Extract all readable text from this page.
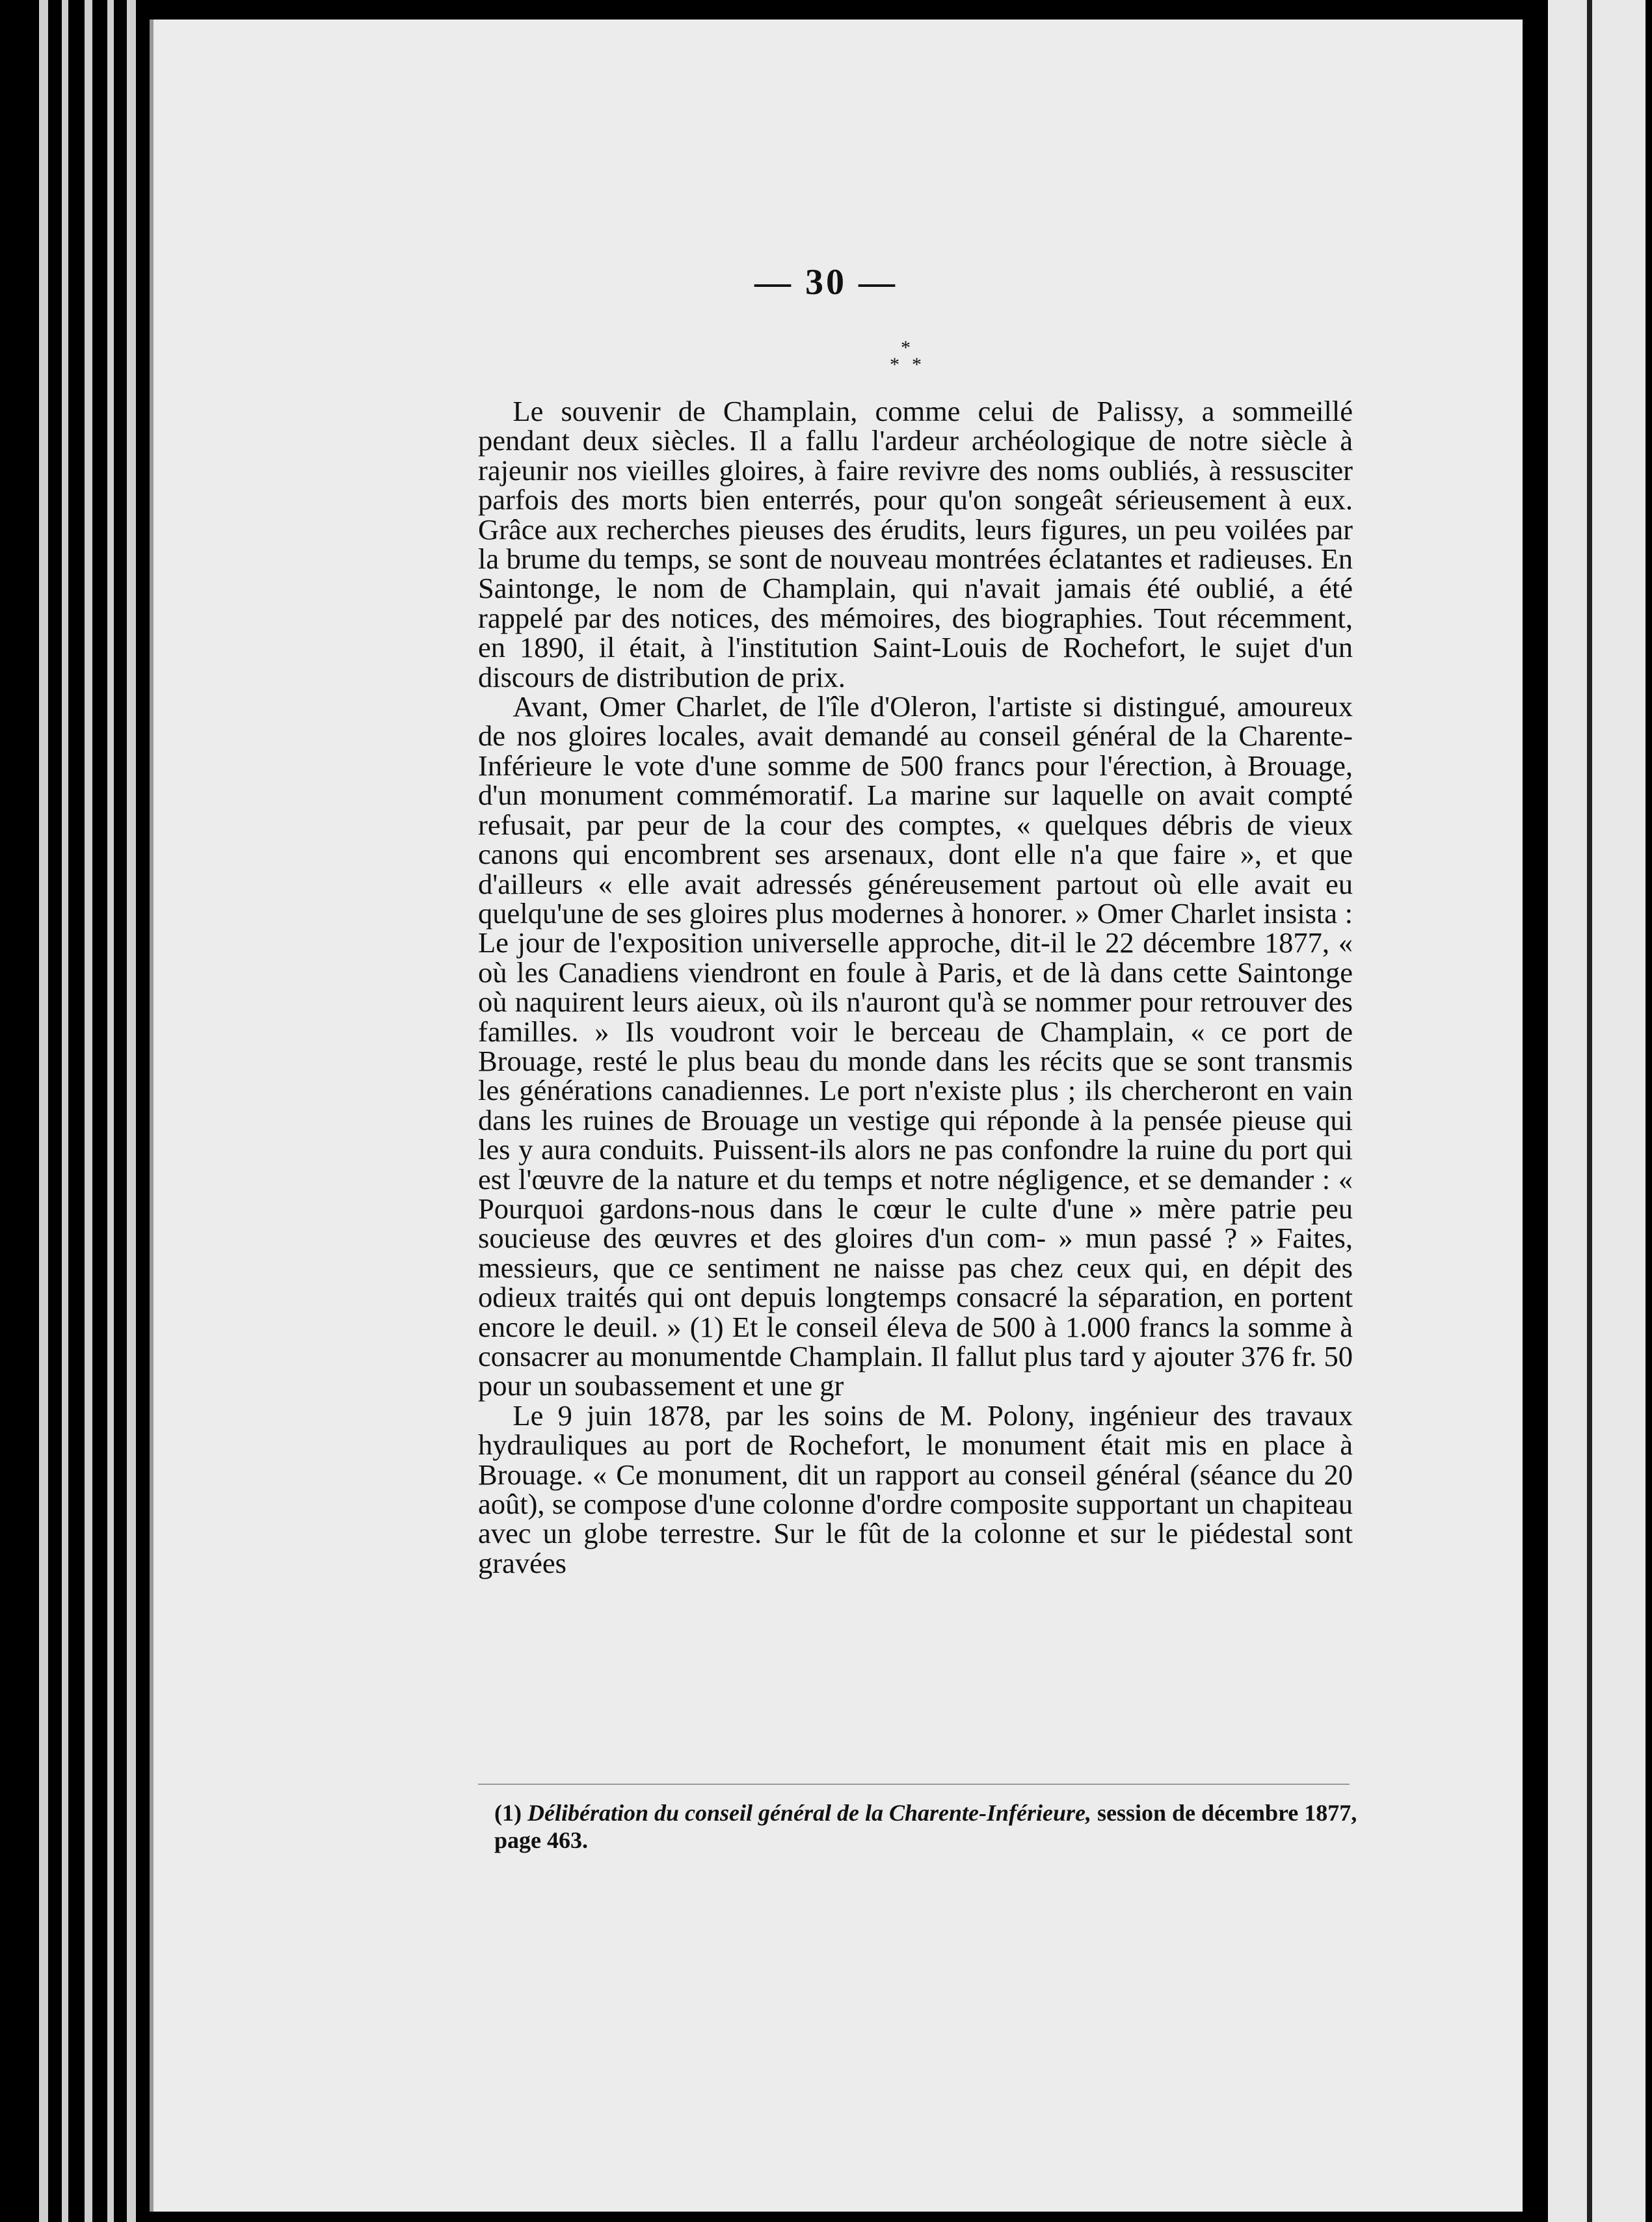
— 30 —
*
* *

Le souvenir de Champlain, comme celui de Palissy, a sommeillé pendant deux siècles. Il a fallu l'ardeur archéologique de notre siècle à rajeunir nos vieilles gloires, à faire revivre des noms oubliés, à ressusciter parfois des morts bien enterrés, pour qu'on songeât sérieusement à eux. Grâce aux recherches pieuses des érudits, leurs figures, un peu voilées par la brume du temps, se sont de nouveau montrées éclatantes et radieuses. En Saintonge, le nom de Champlain, qui n'avait jamais été oublié, a été rappelé par des notices, des mémoires, des biographies. Tout récemment, en 1890, il était, à l'institution Saint-Louis de Rochefort, le sujet d'un discours de distribution de prix.

Avant, Omer Charlet, de l'île d'Oleron, l'artiste si distingué, amoureux de nos gloires locales, avait demandé au conseil général de la Charente-Inférieure le vote d'une somme de 500 francs pour l'érection, à Brouage, d'un monument commémoratif. La marine sur laquelle on avait compté refusait, par peur de la cour des comptes, « quelques débris de vieux canons qui encombrent ses arsenaux, dont elle n'a que faire », et que d'ailleurs « elle avait adressés généreusement partout où elle avait eu quelqu'une de ses gloires plus modernes à honorer. » Omer Charlet insista : Le jour de l'exposition universelle approche, dit-il le 22 décembre 1877, « où les Canadiens viendront en foule à Paris, et de là dans cette Saintonge où naquirent leurs aieux, où ils n'auront qu'à se nommer pour retrouver des familles. » Ils voudront voir le berceau de Champlain, « ce port de Brouage, resté le plus beau du monde dans les récits que se sont transmis les générations canadiennes. Le port n'existe plus ; ils chercheront en vain dans les ruines de Brouage un vestige qui réponde à la pensée pieuse qui les y aura conduits. Puissent-ils alors ne pas confondre la ruine du port qui est l'œuvre de la nature et du temps et notre négligence, et se demander : « Pourquoi gardons-nous dans le cœur le culte d'une » mère patrie peu soucieuse des œuvres et des gloires d'un com- » mun passé ? » Faites, messieurs, que ce sentiment ne naisse pas chez ceux qui, en dépit des odieux traités qui ont depuis longtemps consacré la séparation, en portent encore le deuil. » (1) Et le conseil éleva de 500 à 1.000 francs la somme à consacrer au monumentde Champlain. Il fallut plus tard y ajouter 376 fr. 50 pour un soubassement et une gr

Le 9 juin 1878, par les soins de M. Polony, ingénieur des travaux hydrauliques au port de Rochefort, le monument était mis en place à Brouage. « Ce monument, dit un rapport au conseil général (séance du 20 août), se compose d'une colonne d'ordre composite supportant un chapiteau avec un globe terrestre. Sur le fût de la colonne et sur le piédestal sont gravées

(1) Délibération du conseil général de la Charente-Inférieure, session de décembre 1877, page 463.
